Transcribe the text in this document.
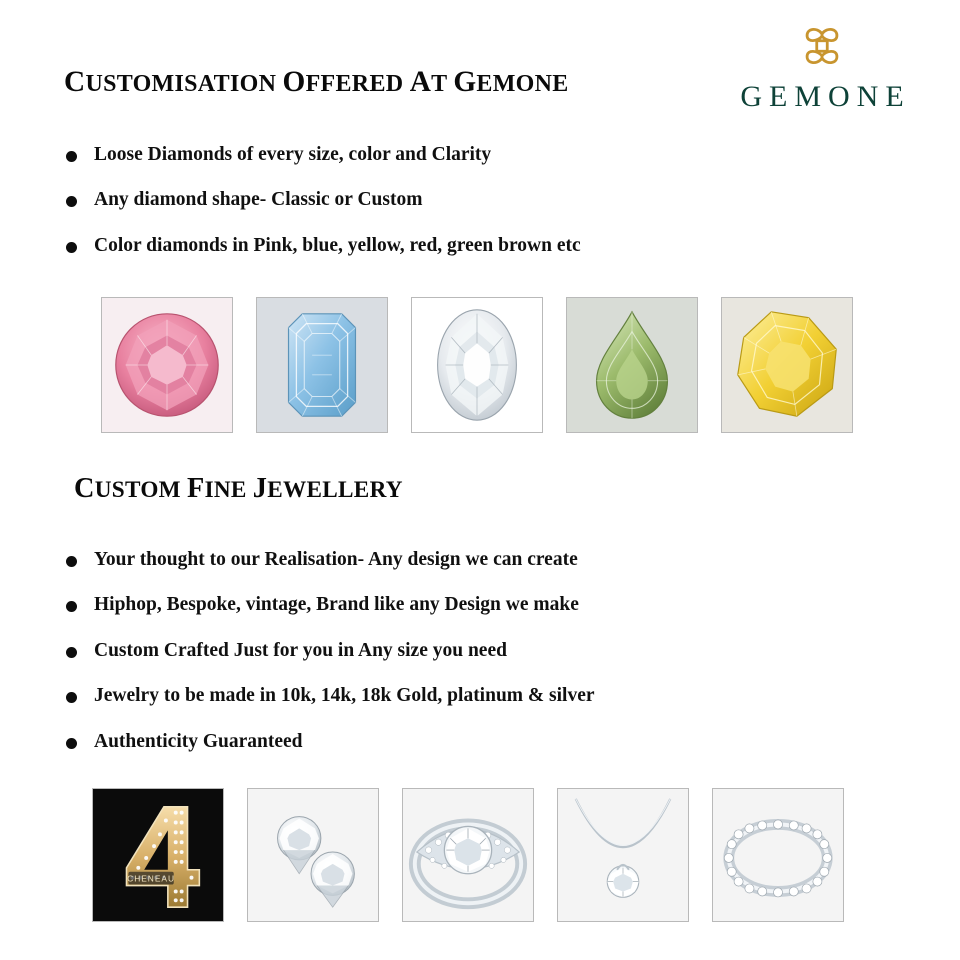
GEMONE
CUSTOMISATION OFFERED AT GEMONE
Loose Diamonds of every size, color and Clarity
Any diamond shape- Classic or Custom
Color diamonds in Pink, blue, yellow, red, green brown etc
CUSTOM FINE JEWELLERY
Your thought to our Realisation- Any design we can create
Hiphop, Bespoke, vintage, Brand like any Design we make
Custom Crafted Just for you in Any size you need
Jewelry to be made in 10k, 14k, 18k Gold, platinum & silver
Authenticity Guaranteed
CHENEAU
